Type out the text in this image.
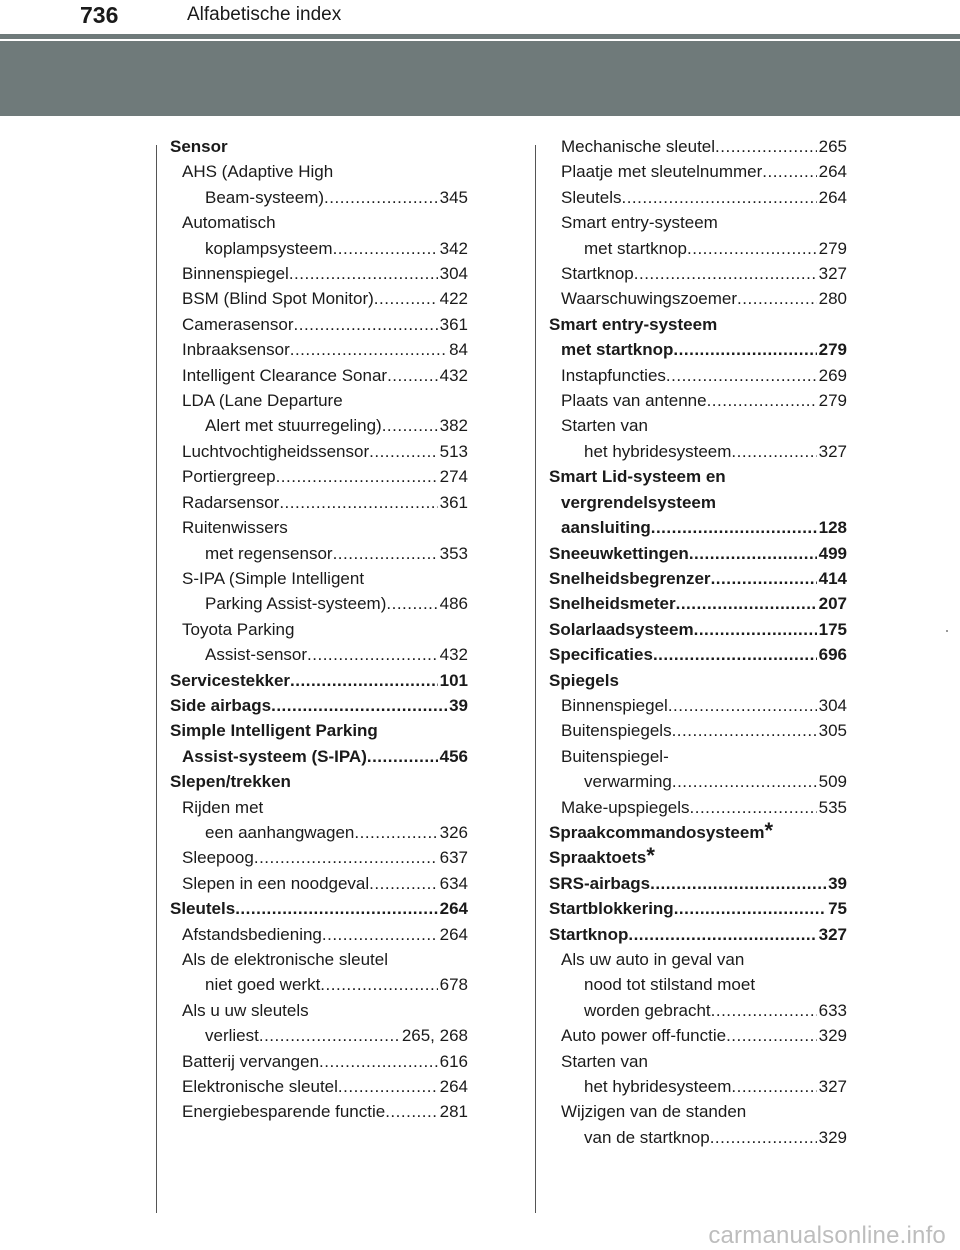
736	Alfabetische index
Sensor
AHS (Adaptive High
Beam-systeem) .....	345
Automatisch
koplampsysteem .....	342
Binnenspiegel .....	304
BSM (Blind Spot Monitor) .....	422
Camerasensor .....	361
Inbraaksensor .....	84
Intelligent Clearance Sonar .....	432
LDA (Lane Departure
Alert met stuurregeling) .....	382
Luchtvochtigheidssensor .....	513
Portiergreep .....	274
Radarsensor .....	361
Ruitenwissers
met regensensor .....	353
S-IPA (Simple Intelligent
Parking Assist-systeem) .....	486
Toyota Parking
Assist-sensor .....	432
Servicestekker .....	101
Side airbags .....	39
Simple Intelligent Parking
Assist-systeem (S-IPA) .....	456
Slepen/trekken
Rijden met
een aanhangwagen .....	326
Sleepoog .....	637
Slepen in een noodgeval .....	634
Sleutels .....	264
Afstandsbediening .....	264
Als de elektronische sleutel
niet goed werkt .....	678
Als u uw sleutels
verliest .....	265, 268
Batterij vervangen .....	616
Elektronische sleutel .....	264
Energiebesparende functie .....	281
Mechanische sleutel .....	265
Plaatje met sleutelnummer .....	264
Sleutels .....	264
Smart entry-systeem
met startknop .....	279
Startknop .....	327
Waarschuwingszoemer .....	280
Smart entry-systeem
met startknop .....	279
Instapfuncties .....	269
Plaats van antenne .....	279
Starten van
het hybridesysteem .....	327
Smart Lid-systeem en
vergrendelsysteem
aansluiting .....	128
Sneeuwkettingen .....	499
Snelheidsbegrenzer .....	414
Snelheidsmeter .....	207
Solarlaadsysteem .....	175
Specificaties .....	696
Spiegels
Binnenspiegel .....	304
Buitenspiegels .....	305
Buitenspiegel-
verwarming .....	509
Make-upspiegels .....	535
Spraakcommandosysteem *
Spraaktoets *
SRS-airbags .....	39
Startblokkering .....	75
Startknop .....	327
Als uw auto in geval van
nood tot stilstand moet
worden gebracht .....	633
Auto power off-functie .....	329
Starten van
het hybridesysteem .....	327
Wijzigen van de standen
van de startknop .....	329
carmanualsonline.info
